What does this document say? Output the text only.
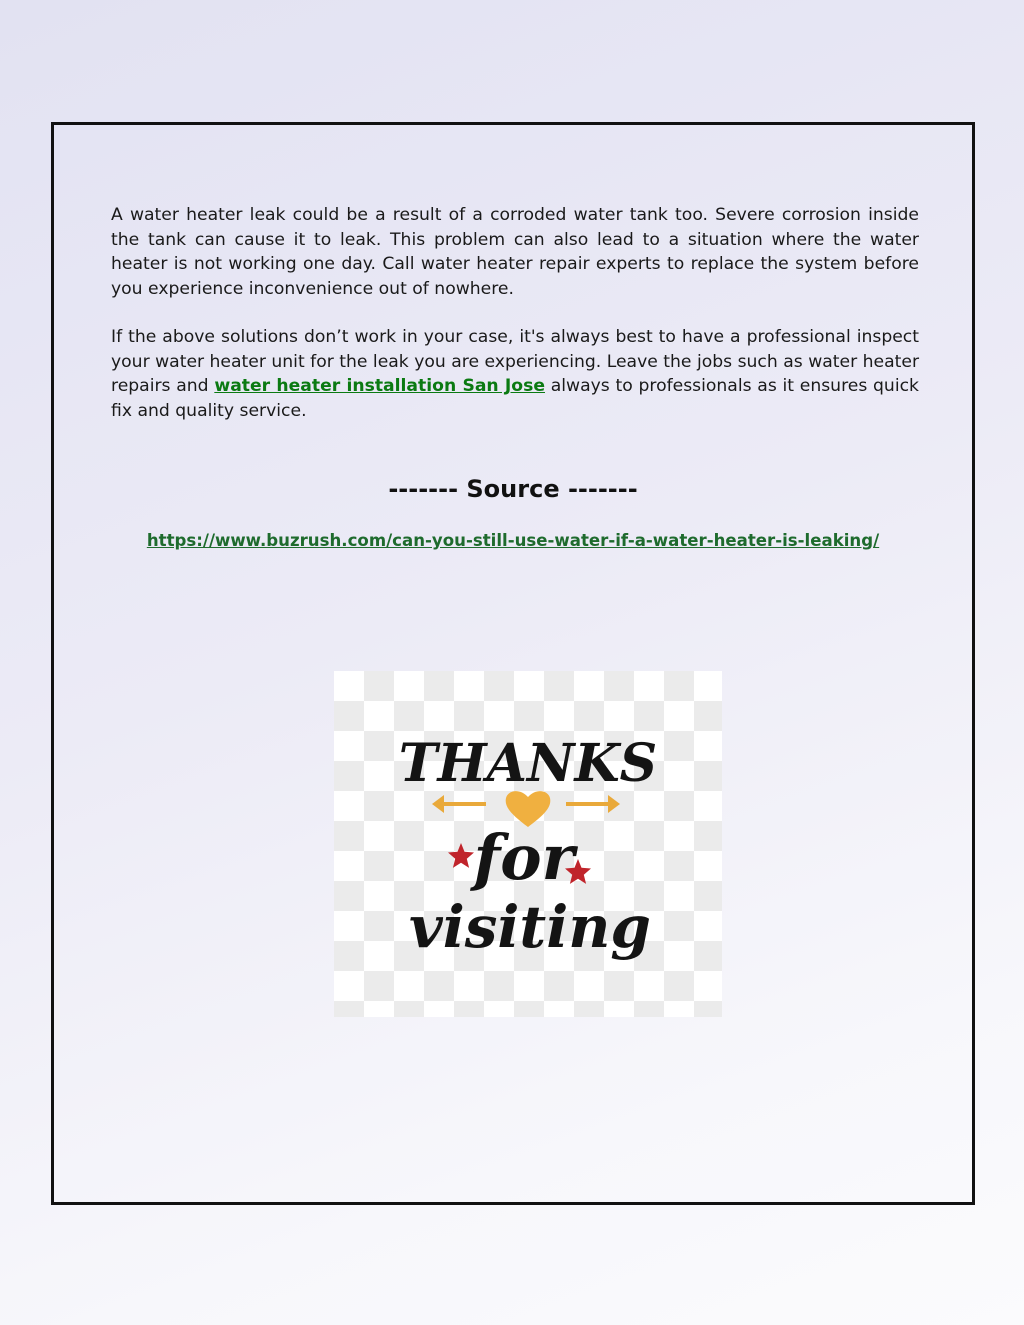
A water heater leak could be a result of a corroded water tank too. Severe corrosion inside the tank can cause it to leak. This problem can also lead to a situation where the water heater is not working one day. Call water heater repair experts to replace the system before you experience inconvenience out of nowhere.

If the above solutions don’t work in your case, it's always best to have a professional inspect your water heater unit for the leak you are experiencing. Leave the jobs such as water heater repairs and water heater installation San Jose always to professionals as it ensures quick fix and quality service.

------- Source -------
https://www.buzrush.com/can-you-still-use-water-if-a-water-heater-is-leaking/
THANKS
for
visiting
